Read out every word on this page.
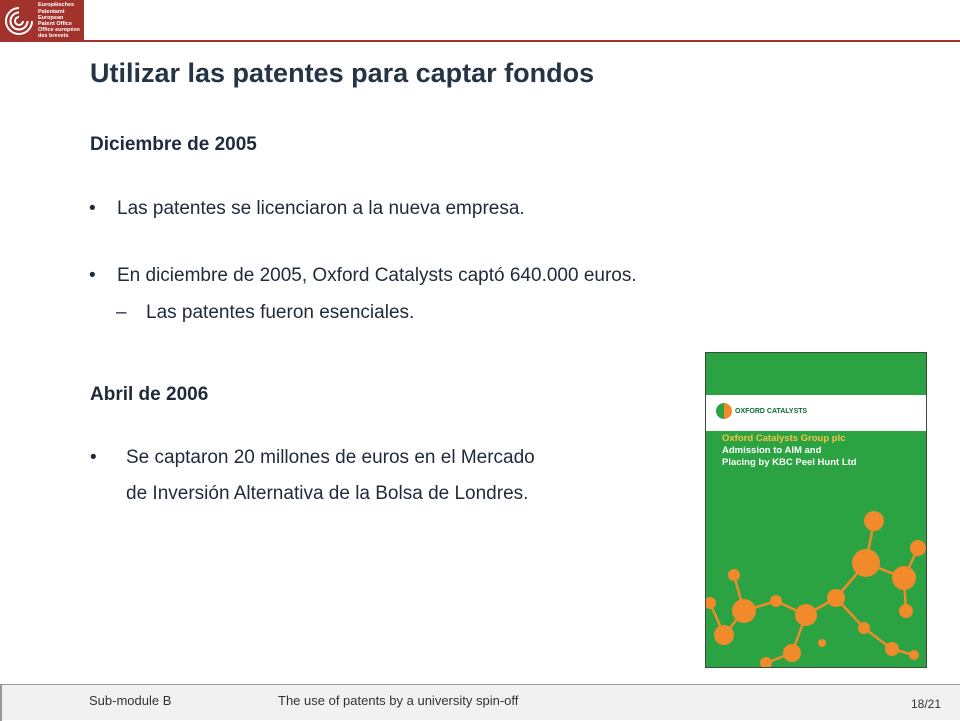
Europäisches
Patentamt
European
Patent Office
Office européen
des brevets
Utilizar las patentes para captar fondos
Diciembre de 2005
• Las patentes se licenciaron a la nueva empresa.
• En diciembre de 2005, Oxford Catalysts captó 640.000 euros.
– Las patentes fueron esenciales.
Abril de 2006
• Se captaron 20 millones de euros en el Mercado
de Inversión Alternativa de la Bolsa de Londres.
OXFORD CATALYSTS
Oxford Catalysts Group plc
Admission to AIM and
Placing by KBC Peel Hunt Ltd
Sub-module B	The use of patents by a university spin-off	18/21
